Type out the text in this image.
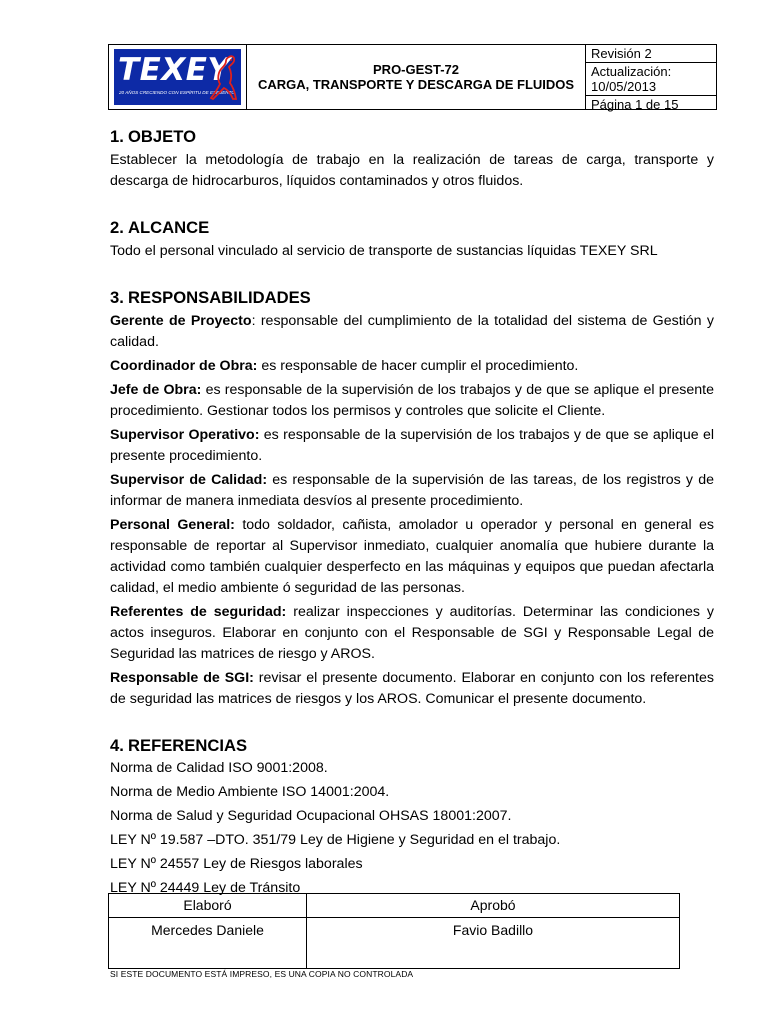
TEXEY
20 AÑOS CRECIENDO CON ESPÍRITU DE ESFUERZO
PRO-GEST-72
CARGA, TRANSPORTE Y DESCARGA DE FLUIDOS
Revisión 2
Actualización:
10/05/2013
Página 1 de 15
1. OBJETO

Establecer la metodología de trabajo en la realización de tareas de carga, transporte y descarga de hidrocarburos, líquidos contaminados y otros fluidos.

2. ALCANCE

Todo el personal vinculado al servicio de transporte de sustancias líquidas TEXEY SRL

3. RESPONSABILIDADES

Gerente de Proyecto: responsable del cumplimiento de la totalidad del sistema de Gestión y calidad.

Coordinador de Obra: es responsable de hacer cumplir el procedimiento.

Jefe de Obra: es responsable de la supervisión de los trabajos y de que se aplique el presente procedimiento. Gestionar todos los permisos y controles que solicite el Cliente.

Supervisor Operativo: es responsable de la supervisión de los trabajos y de que se aplique el presente procedimiento.

Supervisor de Calidad: es responsable de la supervisión de las tareas, de los registros y de informar de manera inmediata desvíos al presente procedimiento.

Personal General: todo soldador, cañista, amolador u operador y personal en general es responsable de reportar al Supervisor inmediato, cualquier anomalía que hubiere durante la actividad como también cualquier desperfecto en las máquinas y equipos que puedan afectarla calidad, el medio ambiente ó seguridad de las personas.

Referentes de seguridad: realizar inspecciones y auditorías. Determinar las condiciones y actos inseguros. Elaborar en conjunto con el Responsable de SGI y Responsable Legal de Seguridad las matrices de riesgo y AROS.

Responsable de SGI: revisar el presente documento. Elaborar en conjunto con los referentes de seguridad las matrices de riesgos y los AROS. Comunicar el presente documento.

4. REFERENCIAS

Norma de Calidad ISO 9001:2008.

Norma de Medio Ambiente ISO 14001:2004.

Norma de Salud y Seguridad Ocupacional OHSAS 18001:2007.

LEY Nº 19.587 –DTO. 351/79 Ley de Higiene y Seguridad en el trabajo.

LEY Nº 24557 Ley de Riesgos laborales

LEY Nº 24449 Ley de Tránsito

Elaboró	Aprobó
Mercedes Daniele	Favio Badillo
SI ESTE DOCUMENTO ESTÁ IMPRESO, ES UNA COPIA NO CONTROLADA
